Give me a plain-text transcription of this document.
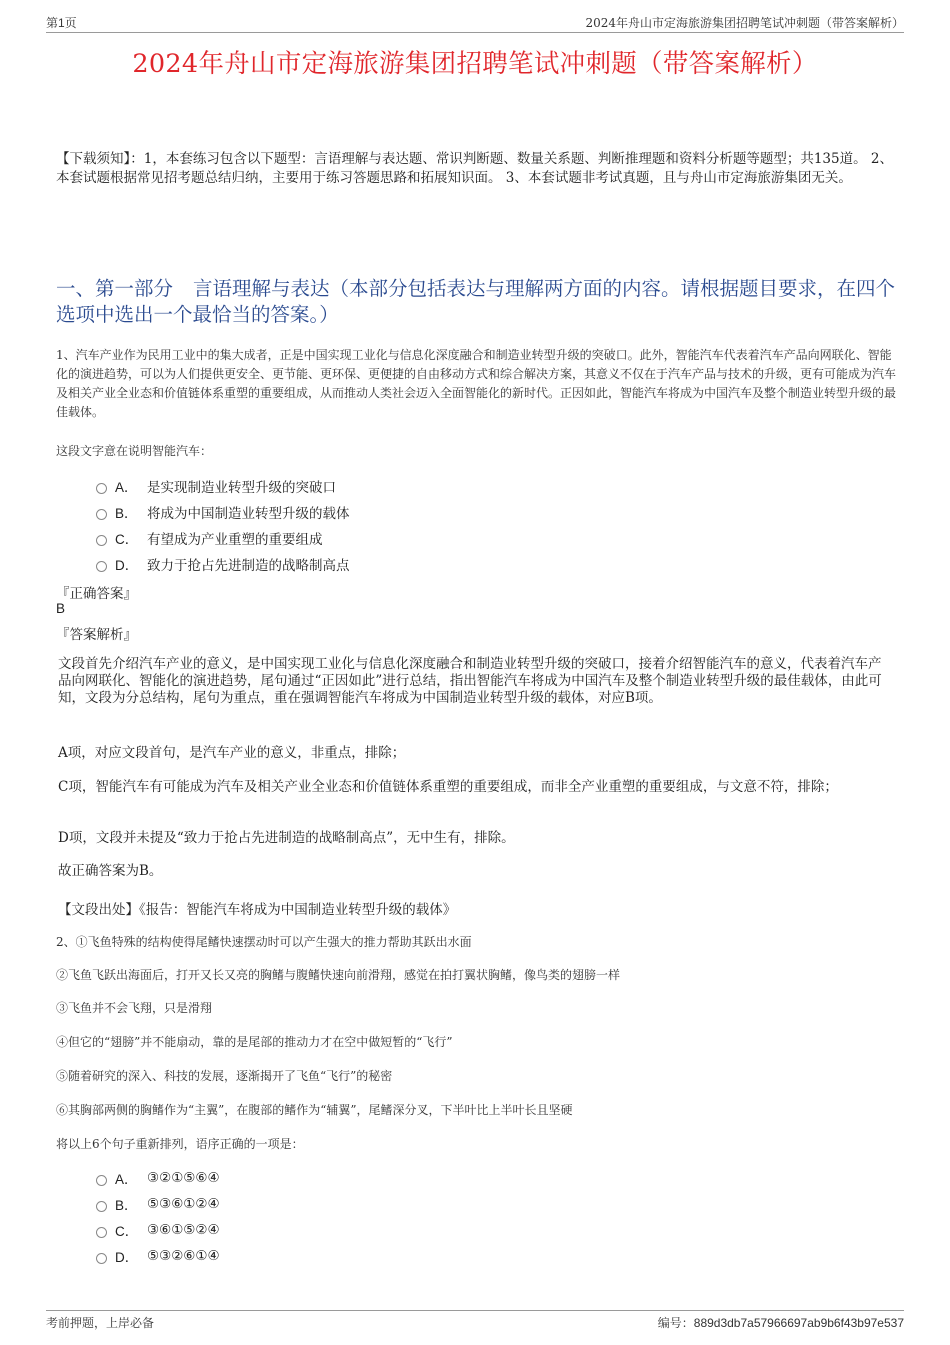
第1页	2024年舟山市定海旅游集团招聘笔试冲刺题（带答案解析）
2024年舟山市定海旅游集团招聘笔试冲刺题（带答案解析）
【下载须知】：1，本套练习包含以下题型：言语理解与表达题、常识判断题、数量关系题、判断推理题和资料分析题等题型；共135道。 2、本套试题根据常见招考题总结归纳，主要用于练习答题思路和拓展知识面。 3、本套试题非考试真题，且与舟山市定海旅游集团无关。
一、第一部分 言语理解与表达（本部分包括表达与理解两方面的内容。请根据题目要求，在四个选项中选出一个最恰当的答案。）
1、汽车产业作为民用工业中的集大成者，正是中国实现工业化与信息化深度融合和制造业转型升级的突破口。此外，智能汽车代表着汽车产品向网联化、智能化的演进趋势，可以为人们提供更安全、更节能、更环保、更便捷的自由移动方式和综合解决方案，其意义不仅在于汽车产品与技术的升级，更有可能成为汽车及相关产业全业态和价值链体系重塑的重要组成，从而推动人类社会迈入全面智能化的新时代。正因如此，智能汽车将成为中国汽车及整个制造业转型升级的最佳载体。
这段文字意在说明智能汽车：
A． 是实现制造业转型升级的突破口
B． 将成为中国制造业转型升级的载体
C． 有望成为产业重塑的重要组成
D． 致力于抢占先进制造的战略制高点
『正确答案』
B
『答案解析』
文段首先介绍汽车产业的意义，是中国实现工业化与信息化深度融合和制造业转型升级的突破口，接着介绍智能汽车的意义，代表着汽车产品向网联化、智能化的演进趋势，尾句通过“正因如此”进行总结，指出智能汽车将成为中国汽车及整个制造业转型升级的最佳载体，由此可知，文段为分总结构，尾句为重点，重在强调智能汽车将成为中国制造业转型升级的载体，对应B项。
A项，对应文段首句，是汽车产业的意义，非重点，排除；
C项，智能汽车有可能成为汽车及相关产业全业态和价值链体系重塑的重要组成，而非全产业重塑的重要组成，与文意不符，排除；
D项，文段并未提及“致力于抢占先进制造的战略制高点”，无中生有，排除。
故正确答案为B。
【文段出处】《报告：智能汽车将成为中国制造业转型升级的载体》
2、①飞鱼特殊的结构使得尾鳍快速摆动时可以产生强大的推力帮助其跃出水面
②飞鱼飞跃出海面后，打开又长又亮的胸鳍与腹鳍快速向前滑翔，感觉在拍打翼状胸鳍，像鸟类的翅膀一样
③飞鱼并不会飞翔，只是滑翔
④但它的“翅膀”并不能扇动，靠的是尾部的推动力才在空中做短暂的“飞行”
⑤随着研究的深入、科技的发展，逐渐揭开了飞鱼“飞行”的秘密
⑥其胸部两侧的胸鳍作为“主翼”，在腹部的鳍作为“辅翼”，尾鳍深分叉，下半叶比上半叶长且坚硬
将以上6个句子重新排列，语序正确的一项是：
A． ③②①⑤⑥④
B． ⑤③⑥①②④
C． ③⑥①⑤②④
D． ⑤③②⑥①④
考前押题，上岸必备	编号：889d3db7a57966697ab9b6f43b97e537
